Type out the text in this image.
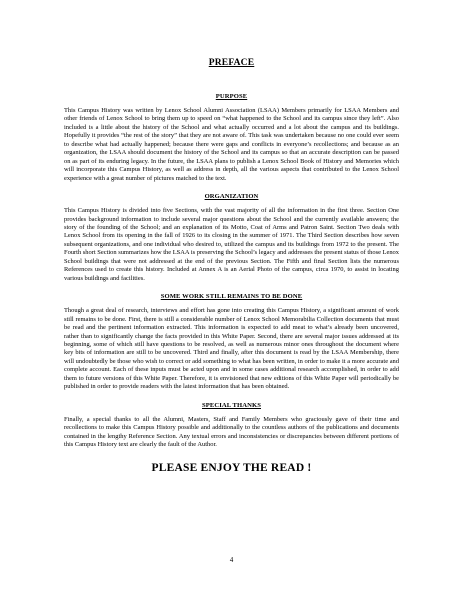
PREFACE
PURPOSE

This Campus History was written by Lenox School Alumni Association (LSAA) Members primarily for LSAA Members and other friends of Lenox School to bring them up to speed on “what happened to the School and its campus since they left”. Also included is a little about the history of the School and what actually occurred and a lot about the campus and its buildings. Hopefully it provides “the rest of the story” that they are not aware of. This task was undertaken because no one could ever seem to describe what had actually happened; because there were gaps and conflicts in everyone’s recollections; and because as an organization, the LSAA should document the history of the School and its campus so that an accurate description can be passed on as part of its enduring legacy. In the future, the LSAA plans to publish a Lenox School Book of History and Memories which will incorporate this Campus History, as well as address in depth, all the various aspects that contributed to the Lenox School experience with a great number of pictures matched to the text.

ORGANIZATION

This Campus History is divided into five Sections, with the vast majority of all the information in the first three. Section One provides background information to include several major questions about the School and the currently available answers; the story of the founding of the School; and an explanation of its Motto, Coat of Arms and Patron Saint. Section Two deals with Lenox School from its opening in the fall of 1926 to its closing in the summer of 1971. The Third Section describes how seven subsequent organizations, and one individual who desired to, utilized the campus and its buildings from 1972 to the present. The Fourth short Section summarizes how the LSAA is preserving the School’s legacy and addresses the present status of those Lenox School buildings that were not addressed at the end of the previous Section. The Fifth and final Section lists the numerous References used to create this history. Included at Annex A is an Aerial Photo of the campus, circa 1970, to assist in locating various buildings and facilities.

SOME WORK STILL REMAINS TO BE DONE

Though a great deal of research, interviews and effort has gone into creating this Campus History, a significant amount of work still remains to be done. First, there is still a considerable number of Lenox School Memorabilia Collection documents that must be read and the pertinent information extracted. This information is expected to add meat to what’s already been uncovered, rather than to significantly change the facts provided in this White Paper. Second, there are several major issues addressed at its beginning, some of which still have questions to be resolved, as well as numerous minor ones throughout the document where key bits of information are still to be uncovered. Third and finally, after this document is read by the LSAA Membership, there will undoubtedly be those who wish to correct or add something to what has been written, in order to make it a more accurate and complete account. Each of these inputs must be acted upon and in some cases additional research accomplished, in order to add them to future versions of this White Paper. Therefore, it is envisioned that new editions of this White Paper will periodically be published in order to provide readers with the latest information that has been obtained.

SPECIAL THANKS

Finally, a special thanks to all the Alumni, Masters, Staff and Family Members who graciously gave of their time and recollections to make this Campus History possible and additionally to the countless authors of the publications and documents contained in the lengthy Reference Section. Any textual errors and inconsistencies or discrepancies between different portions of this Campus History text are clearly the fault of the Author.

PLEASE ENJOY THE READ !
4
